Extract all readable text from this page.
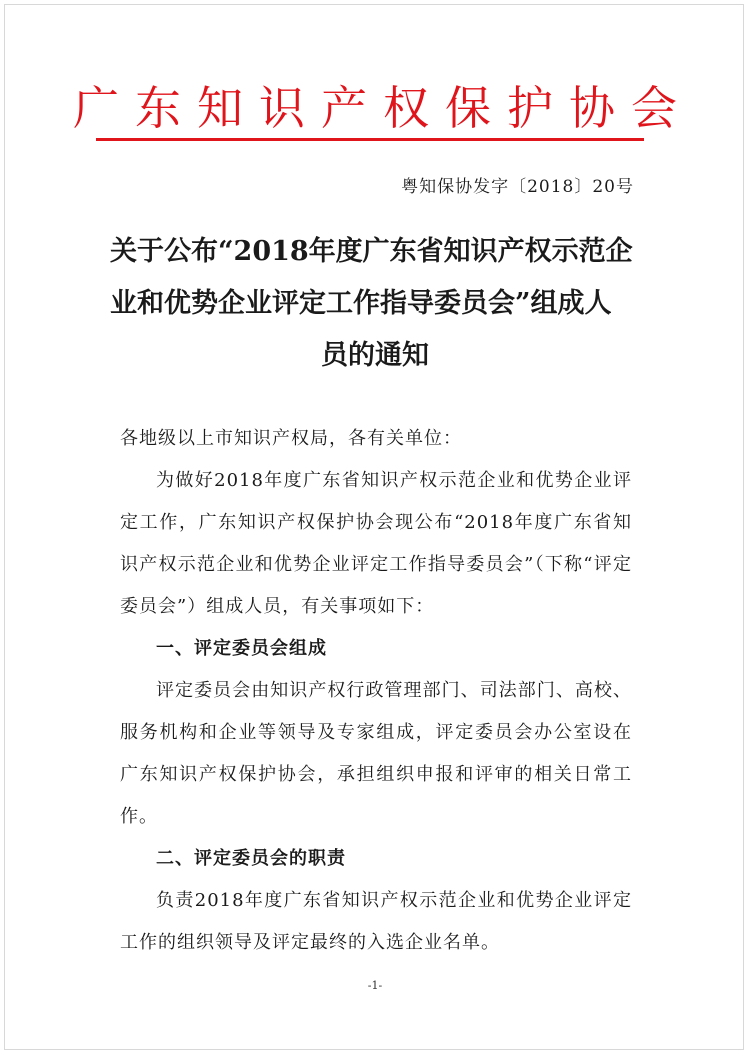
广东知识产权保护协会
粤知保协发字〔2018〕20号
关于公布“2018年度广东省知识产权示范企
业和优势企业评定工作指导委员会”组成人
员的通知

各地级以上市知识产权局，各有关单位：

为做好2018年度广东省知识产权示范企业和优势企业评定工作，广东知识产权保护协会现公布“2018年度广东省知识产权示范企业和优势企业评定工作指导委员会”（下称“评定委员会”）组成人员，有关事项如下：

一、评定委员会组成

评定委员会由知识产权行政管理部门、司法部门、高校、服务机构和企业等领导及专家组成，评定委员会办公室设在广东知识产权保护协会，承担组织申报和评审的相关日常工作。

二、评定委员会的职责

负责2018年度广东省知识产权示范企业和优势企业评定工作的组织领导及评定最终的入选企业名单。

-1-
